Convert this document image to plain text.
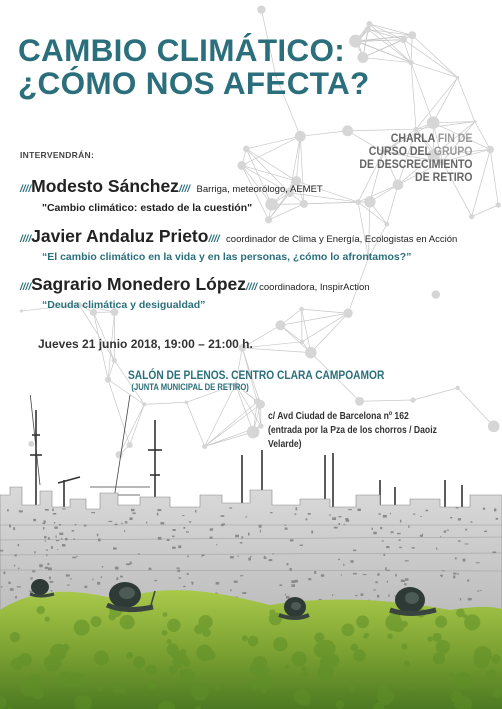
CAMBIO CLIMÁTICO:
¿CÓMO NOS AFECTA?
INTERVENDRÁN:
CHARLA FIN DE
CURSO DEL GRUPO
DE DESCRECIMIENTO
DE RETIRO
////Modesto Sánchez//// Barriga, meteorólogo, AEMET
"Cambio climático: estado de la cuestión"
////Javier Andaluz Prieto//// coordinador de Clima y Energía, Ecologistas en Acción
“El cambio climático en la vida y en las personas, ¿cómo lo afrontamos?”
////Sagrario Monedero López//// coordinadora, InspirAction
“Deuda climática y desigualdad”
Jueves 21 junio 2018, 19:00 – 21:00 h.
SALÓN DE PLENOS. CENTRO CLARA CAMPOAMOR
(JUNTA MUNICIPAL DE RETIRO)
c/ Avd Ciudad de Barcelona nº 162
(entrada por la Pza de los chorros / Daoiz Velarde)
